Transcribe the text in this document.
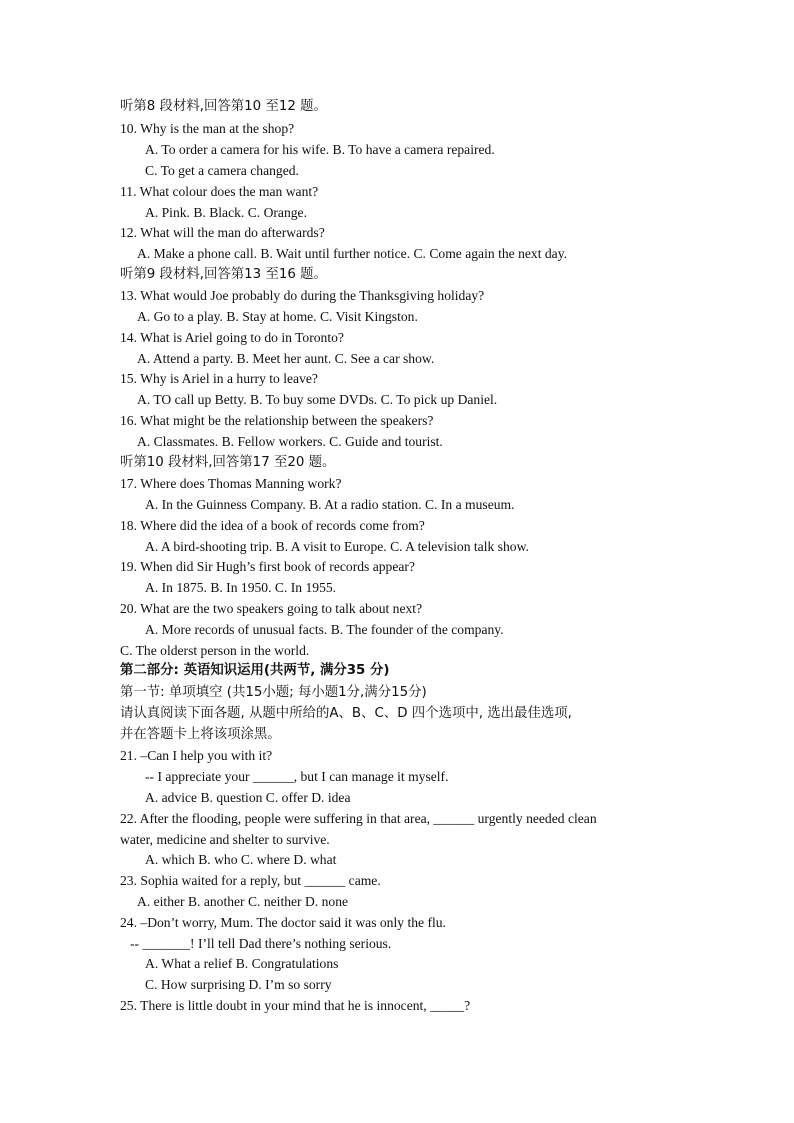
听第8 段材料,回答第10 至12 题。

10. Why is the man at the shop?

A. To order a camera for his wife. B. To have a camera repaired.

C. To get a camera changed.

11. What colour does the man want?

A. Pink. B. Black. C. Orange.

12. What will the man do afterwards?

A. Make a phone call. B. Wait until further notice. C. Come again the next day.

听第9 段材料,回答第13 至16 题。

13. What would Joe probably do during the Thanksgiving holiday?

A. Go to a play. B. Stay at home. C. Visit Kingston.

14. What is Ariel going to do in Toronto?

A. Attend a party. B. Meet her aunt. C. See a car show.

15. Why is Ariel in a hurry to leave?

A. TO call up Betty. B. To buy some DVDs. C. To pick up Daniel.

16. What might be the relationship between the speakers?

A. Classmates. B. Fellow workers. C. Guide and tourist.

听第10 段材料,回答第17 至20 题。

17. Where does Thomas Manning work?

A. In the Guinness Company. B. At a radio station. C. In a museum.

18. Where did the idea of a book of records come from?

A. A bird-shooting trip. B. A visit to Europe. C. A television talk show.

19. When did Sir Hugh’s first book of records appear?

A. In 1875. B. In 1950. C. In 1955.

20. What are the two speakers going to talk about next?

A. More records of unusual facts. B. The founder of the company.

C. The olderst person in the world.

第二部分: 英语知识运用(共两节, 满分35 分)

第一节: 单项填空 (共15小题; 每小题1分,满分15分)

请认真阅读下面各题, 从题中所给的A、B、C、D 四个选项中, 选出最佳选项,

并在答题卡上将该项涂黑。

21. –Can I help you with it?

-- I appreciate your ______, but I can manage it myself.

A. advice B. question C. offer D. idea

22. After the flooding, people were suffering in that area, ______ urgently needed clean

water, medicine and shelter to survive.

A. which B. who C. where D. what

23. Sophia waited for a reply, but ______ came.

A. either B. another C. neither D. none

24. –Don’t worry, Mum. The doctor said it was only the flu.

-- _______! I’ll tell Dad there’s nothing serious.

A. What a relief B. Congratulations

C. How surprising D. I’m so sorry

25. There is little doubt in your mind that he is innocent, _____?
